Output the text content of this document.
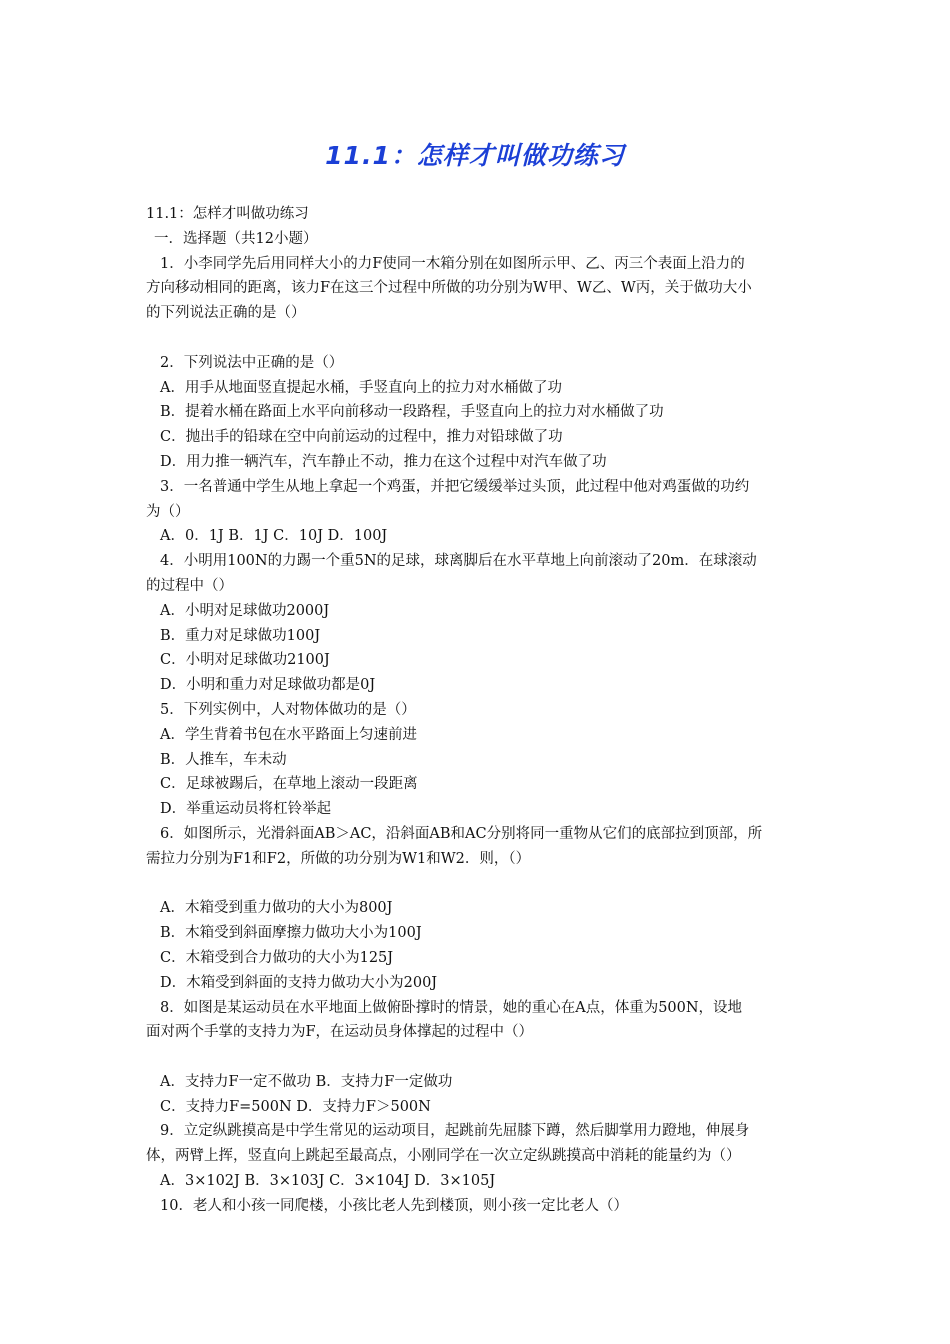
11.1：怎样才叫做功练习
11.1：怎样才叫做功练习
一．选择题（共12小题）
1．小李同学先后用同样大小的力F使同一木箱分别在如图所示甲、乙、丙三个表面上沿力的
方向移动相同的距离，该力F在这三个过程中所做的功分别为W甲、W乙、W丙，关于做功大小
的下列说法正确的是（）
2．下列说法中正确的是（）
A．用手从地面竖直提起水桶，手竖直向上的拉力对水桶做了功
B．提着水桶在路面上水平向前移动一段路程，手竖直向上的拉力对水桶做了功
C．抛出手的铅球在空中向前运动的过程中，推力对铅球做了功
D．用力推一辆汽车，汽车静止不动，推力在这个过程中对汽车做了功
3．一名普通中学生从地上拿起一个鸡蛋，并把它缓缓举过头顶，此过程中他对鸡蛋做的功约
为（）
A．0．1J B．1J C．10J D．100J
4．小明用100N的力踢一个重5N的足球，球离脚后在水平草地上向前滚动了20m．在球滚动
的过程中（）
A．小明对足球做功2000J
B．重力对足球做功100J
C．小明对足球做功2100J
D．小明和重力对足球做功都是0J
5．下列实例中，人对物体做功的是（）
A．学生背着书包在水平路面上匀速前进
B．人推车，车未动
C．足球被踢后，在草地上滚动一段距离
D．举重运动员将杠铃举起
6．如图所示，光滑斜面AB＞AC，沿斜面AB和AC分别将同一重物从它们的底部拉到顶部，所
需拉力分别为F1和F2，所做的功分别为W1和W2．则，（）
A．木箱受到重力做功的大小为800J
B．木箱受到斜面摩擦力做功大小为100J
C．木箱受到合力做功的大小为125J
D．木箱受到斜面的支持力做功大小为200J
8．如图是某运动员在水平地面上做俯卧撑时的情景，她的重心在A点，体重为500N，设地
面对两个手掌的支持力为F，在运动员身体撑起的过程中（）
A．支持力F一定不做功 B．支持力F一定做功
C．支持力F=500N D．支持力F＞500N
9．立定纵跳摸高是中学生常见的运动项目，起跳前先屈膝下蹲，然后脚掌用力蹬地，伸展身
体，两臂上挥，竖直向上跳起至最高点，小刚同学在一次立定纵跳摸高中消耗的能量约为（）
A．3×102J B．3×103J C．3×104J D．3×105J
10．老人和小孩一同爬楼，小孩比老人先到楼顶，则小孩一定比老人（）
